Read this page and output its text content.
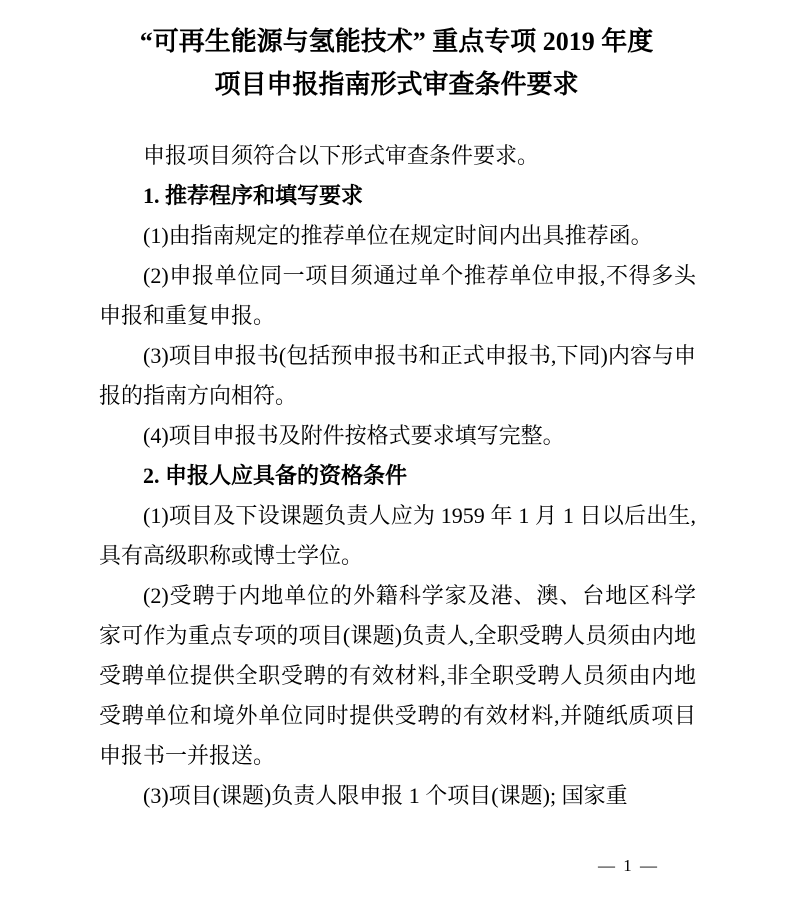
“可再生能源与氢能技术” 重点专项 2019 年度
项目申报指南形式审查条件要求

申报项目须符合以下形式审查条件要求。

1. 推荐程序和填写要求

(1)由指南规定的推荐单位在规定时间内出具推荐函。

(2)申报单位同一项目须通过单个推荐单位申报,不得多头申报和重复申报。

(3)项目申报书(包括预申报书和正式申报书,下同)内容与申报的指南方向相符。

(4)项目申报书及附件按格式要求填写完整。

2. 申报人应具备的资格条件

(1)项目及下设课题负责人应为 1959 年 1 月 1 日以后出生,具有高级职称或博士学位。

(2)受聘于内地单位的外籍科学家及港、澳、台地区科学家可作为重点专项的项目(课题)负责人,全职受聘人员须由内地受聘单位提供全职受聘的有效材料,非全职受聘人员须由内地受聘单位和境外单位同时提供受聘的有效材料,并随纸质项目申报书一并报送。

(3)项目(课题)负责人限申报 1 个项目(课题); 国家重

— 1 —
